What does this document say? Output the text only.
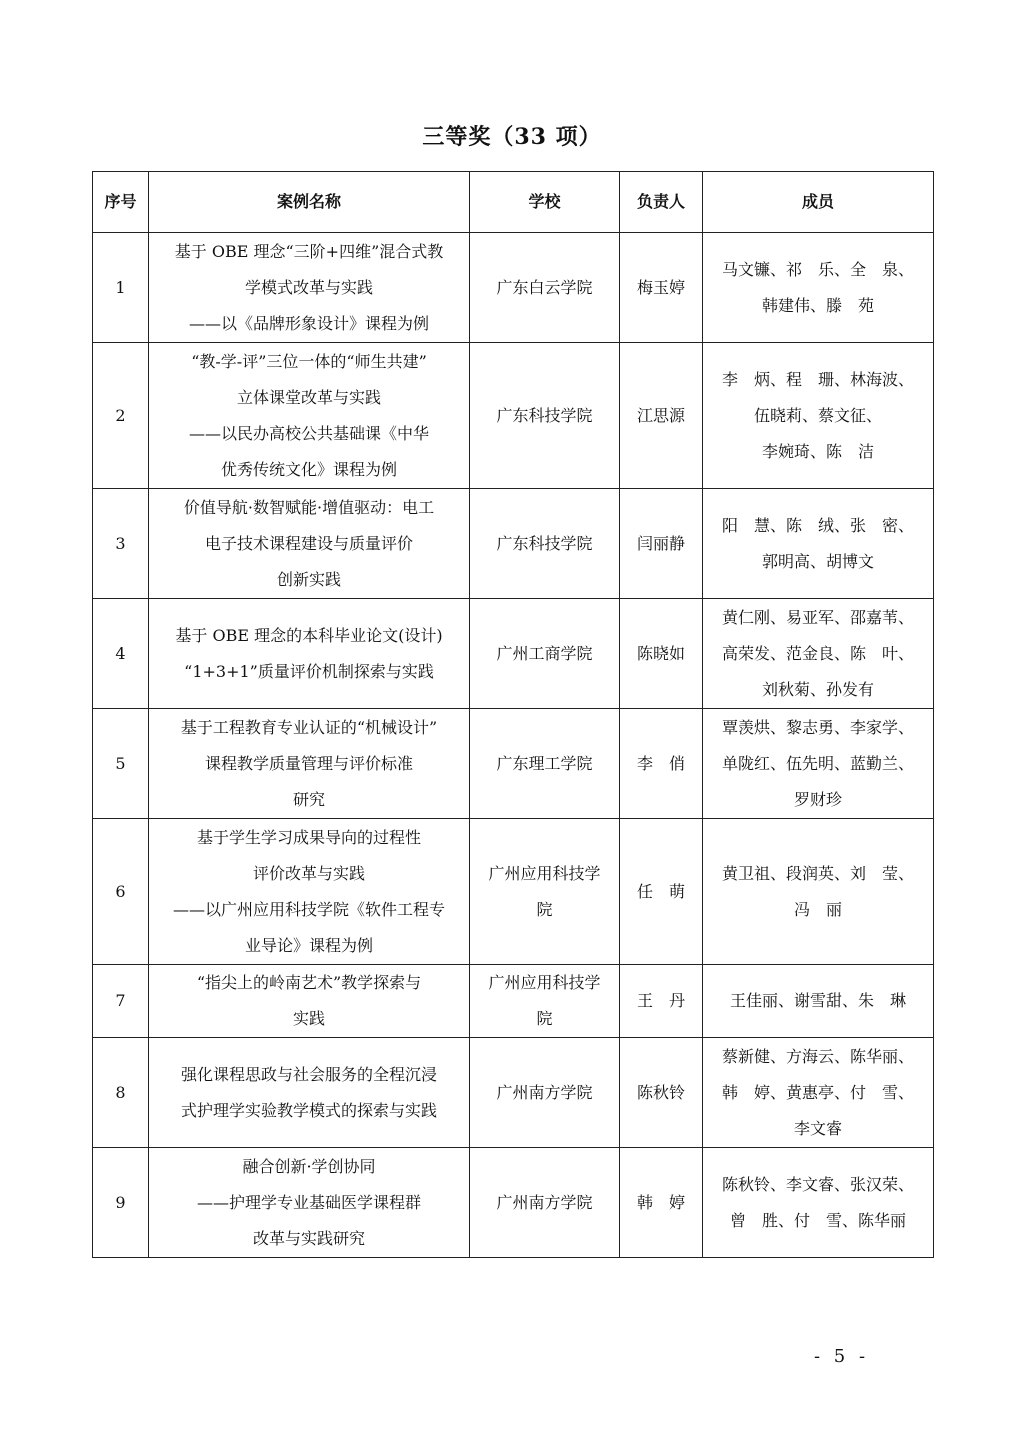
三等奖（33 项）
序号	案例名称	学校	负责人	成员
1	基于 OBE 理念“三阶+四维”混合式教
学模式改革与实践
——以《品牌形象设计》课程为例	广东白云学院	梅玉婷	马文镰、祁　乐、全　泉、
韩建伟、滕　苑

2	“教-学-评”三位一体的“师生共建”
立体课堂改革与实践
——以民办高校公共基础课《中华
优秀传统文化》课程为例	广东科技学院	江思源	李　炳、程　珊、林海波、
伍晓莉、蔡文征、
李婉琦、陈　洁

3	价值导航·数智赋能·增值驱动：电工
电子技术课程建设与质量评价
创新实践	广东科技学院	闫丽静	阳　慧、陈　绒、张　密、
郭明高、胡博文

4	基于 OBE 理念的本科毕业论文(设计)
“1+3+1”质量评价机制探索与实践	广州工商学院	陈晓如	黄仁刚、易亚军、邵嘉苇、
高荣发、范金良、陈　叶、
刘秋菊、孙发有

5	基于工程教育专业认证的“机械设计”
课程教学质量管理与评价标准
研究	广东理工学院	李　俏	覃羡烘、黎志勇、李家学、
单陇红、伍先明、蓝勤兰、
罗财珍

6	基于学生学习成果导向的过程性
评价改革与实践
——以广州应用科技学院《软件工程专
业导论》课程为例	广州应用科技学
院	任　萌	黄卫祖、段润英、刘　莹、
冯　丽

7	“指尖上的岭南艺术”教学探索与
实践	广州应用科技学
院	王　丹	王佳丽、谢雪甜、朱　琳

8	强化课程思政与社会服务的全程沉浸
式护理学实验教学模式的探索与实践	广州南方学院	陈秋铃	蔡新健、方海云、陈华丽、
韩　婷、黄惠亭、付　雪、
李文睿

9	融合创新·学创协同
——护理学专业基础医学课程群
改革与实践研究	广州南方学院	韩　婷	陈秋铃、李文睿、张汉荣、
曾　胜、付　雪、陈华丽
- 5 -
